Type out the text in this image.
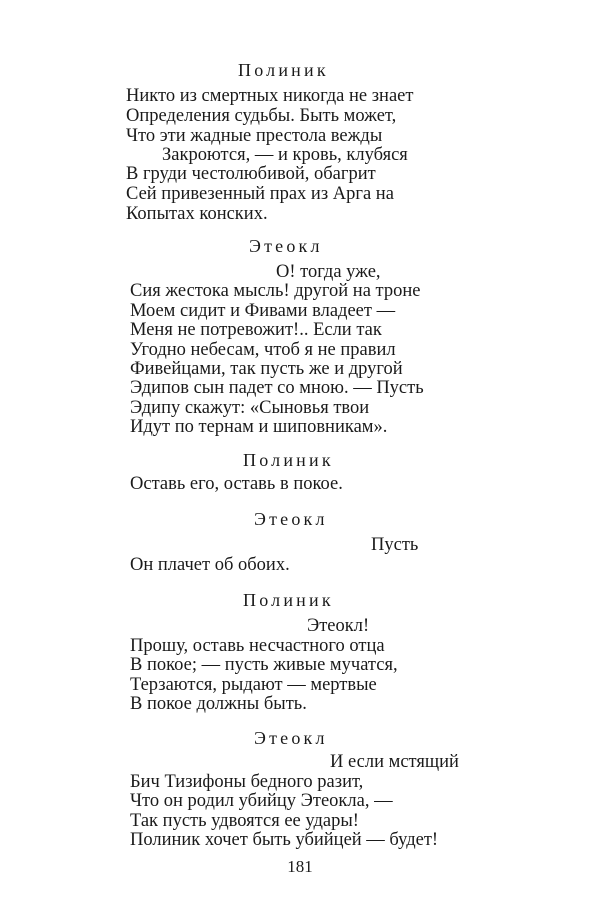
Полиник
Никто из смертных никогда не знает
Определения судьбы. Быть может,
Что эти жадные престола вежды
Закроются, — и кровь, клубяся
В груди честолюбивой, обагрит
Сей привезенный прах из Арга на
Копытах конских.
Этеокл
О! тогда уже,
Сия жестока мысль! другой на троне
Моем сидит и Фивами владеет —
Меня не потревожит!.. Если так
Угодно небесам, чтоб я не правил
Фивейцами, так пусть же и другой
Эдипов сын падет со мною. — Пусть
Эдипу скажут: «Сыновья твои
Идут по тернам и шиповникам».
Полиник
Оставь его, оставь в покое.
Этеокл
Пусть
Он плачет об обоих.
Полиник
Этеокл!
Прошу, оставь несчастного отца
В покое; — пусть живые мучатся,
Терзаются, рыдают — мертвые
В покое должны быть.
Этеокл
И если мстящий
Бич Тизифоны бедного разит,
Что он родил убийцу Этеокла, —
Так пусть удвоятся ее удары!
Полиник хочет быть убийцей — будет!
181
